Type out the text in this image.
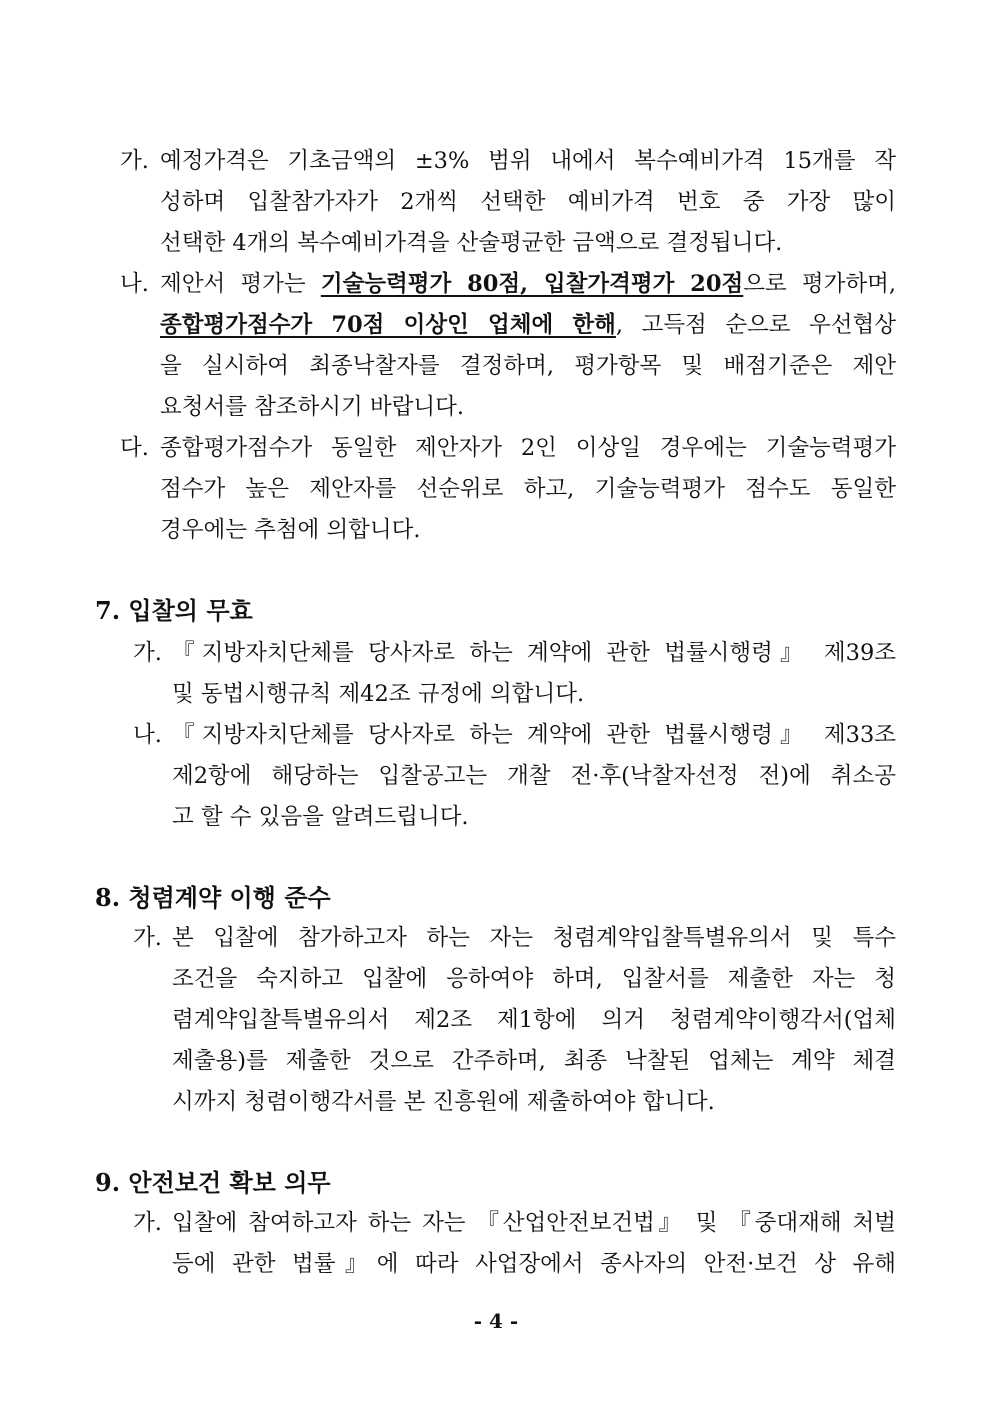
가. 예정가격은 기초금액의 ±3% 범위 내에서 복수예비가격 15개를 작
성하며 입찰참가자가 2개씩 선택한 예비가격 번호 중 가장 많이
선택한 4개의 복수예비가격을 산술평균한 금액으로 결정됩니다.
나. 제안서 평가는 기술능력평가 80점, 입찰가격평가 20점으로 평가하며,
종합평가점수가 70점 이상인 업체에 한해, 고득점 순으로 우선협상
을 실시하여 최종낙찰자를 결정하며, 평가항목 및 배점기준은 제안
요청서를 참조하시기 바랍니다.
다. 종합평가점수가 동일한 제안자가 2인 이상일 경우에는 기술능력평가
점수가 높은 제안자를 선순위로 하고, 기술능력평가 점수도 동일한
경우에는 추첨에 의합니다.
7. 입찰의 무효
가. 『지방자치단체를 당사자로 하는 계약에 관한 법률시행령』 제39조
및 동법시행규칙 제42조 규정에 의합니다.
나. 『지방자치단체를 당사자로 하는 계약에 관한 법률시행령』 제33조
제2항에 해당하는 입찰공고는 개찰 전·후(낙찰자선정 전)에 취소공
고 할 수 있음을 알려드립니다.
8. 청렴계약 이행 준수
가. 본 입찰에 참가하고자 하는 자는 청렴계약입찰특별유의서 및 특수
조건을 숙지하고 입찰에 응하여야 하며, 입찰서를 제출한 자는 청
렴계약입찰특별유의서 제2조 제1항에 의거 청렴계약이행각서(업체
제출용)를 제출한 것으로 간주하며, 최종 낙찰된 업체는 계약 체결
시까지 청렴이행각서를 본 진흥원에 제출하여야 합니다.
9. 안전보건 확보 의무
가. 입찰에 참여하고자 하는 자는 『산업안전보건법』 및 『중대재해 처벌
등에 관한 법률』에 따라 사업장에서 종사자의 안전·보건 상 유해
- 4 -
